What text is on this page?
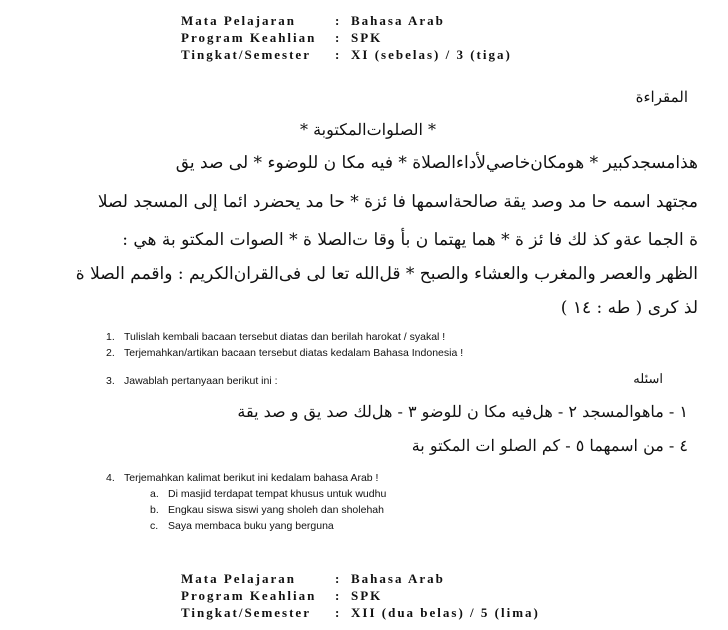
Mata Pelajaran	: Bahasa Arab
Program Keahlian	: SPK
Tingkat/Semester	: XI (sebelas) / 3 (tiga)
المقراءة
* الصلوات‌المكتوبة *
هذامسجدكبير * هومكان‌خاصي‌لأداءالصلاة * فيه مكا ن للوضوء * لى صد يق
مجتهد اسمه حا مد وصد يقة صالحةاسمها فا ئزة * حا مد يحضرد ائما إلى المسجد لصلا
ة الجما عةو كذ لك فا ئز ة * هما يهتما ن بأ وقا ت‌الصلا ة * الصوات المكتو بة هي :
الظهر والعصر والمغرب والعشاء والصبح * قل‌الله تعا لى فى‌القران‌الكريم : واقمم الصلا ة
لذ كرى ( طه : ١٤ )
1. Tulislah kembali bacaan tersebut diatas dan berilah harokat / syakal !
2. Terjemahkan/artikan bacaan tersebut diatas kedalam Bahasa Indonesia !
3. Jawablah pertanyaan berikut ini :	اسئله
١ - ماهوالمسجد ٢ - هل‌فيه مكا ن للوضو ٣ - هل‌لك صد يق و صد يقة
٤ - من اسمهما ٥ - كم الصلو ات المكتو بة
4. Terjemahkan kalimat berikut ini kedalam bahasa Arab !
a. Di masjid terdapat tempat khusus untuk wudhu
b. Engkau siswa siswi yang sholeh dan sholehah
c. Saya membaca buku yang berguna
Mata Pelajaran	: Bahasa Arab
Program Keahlian	: SPK
Tingkat/Semester	: XII (dua belas) / 5 (lima)
